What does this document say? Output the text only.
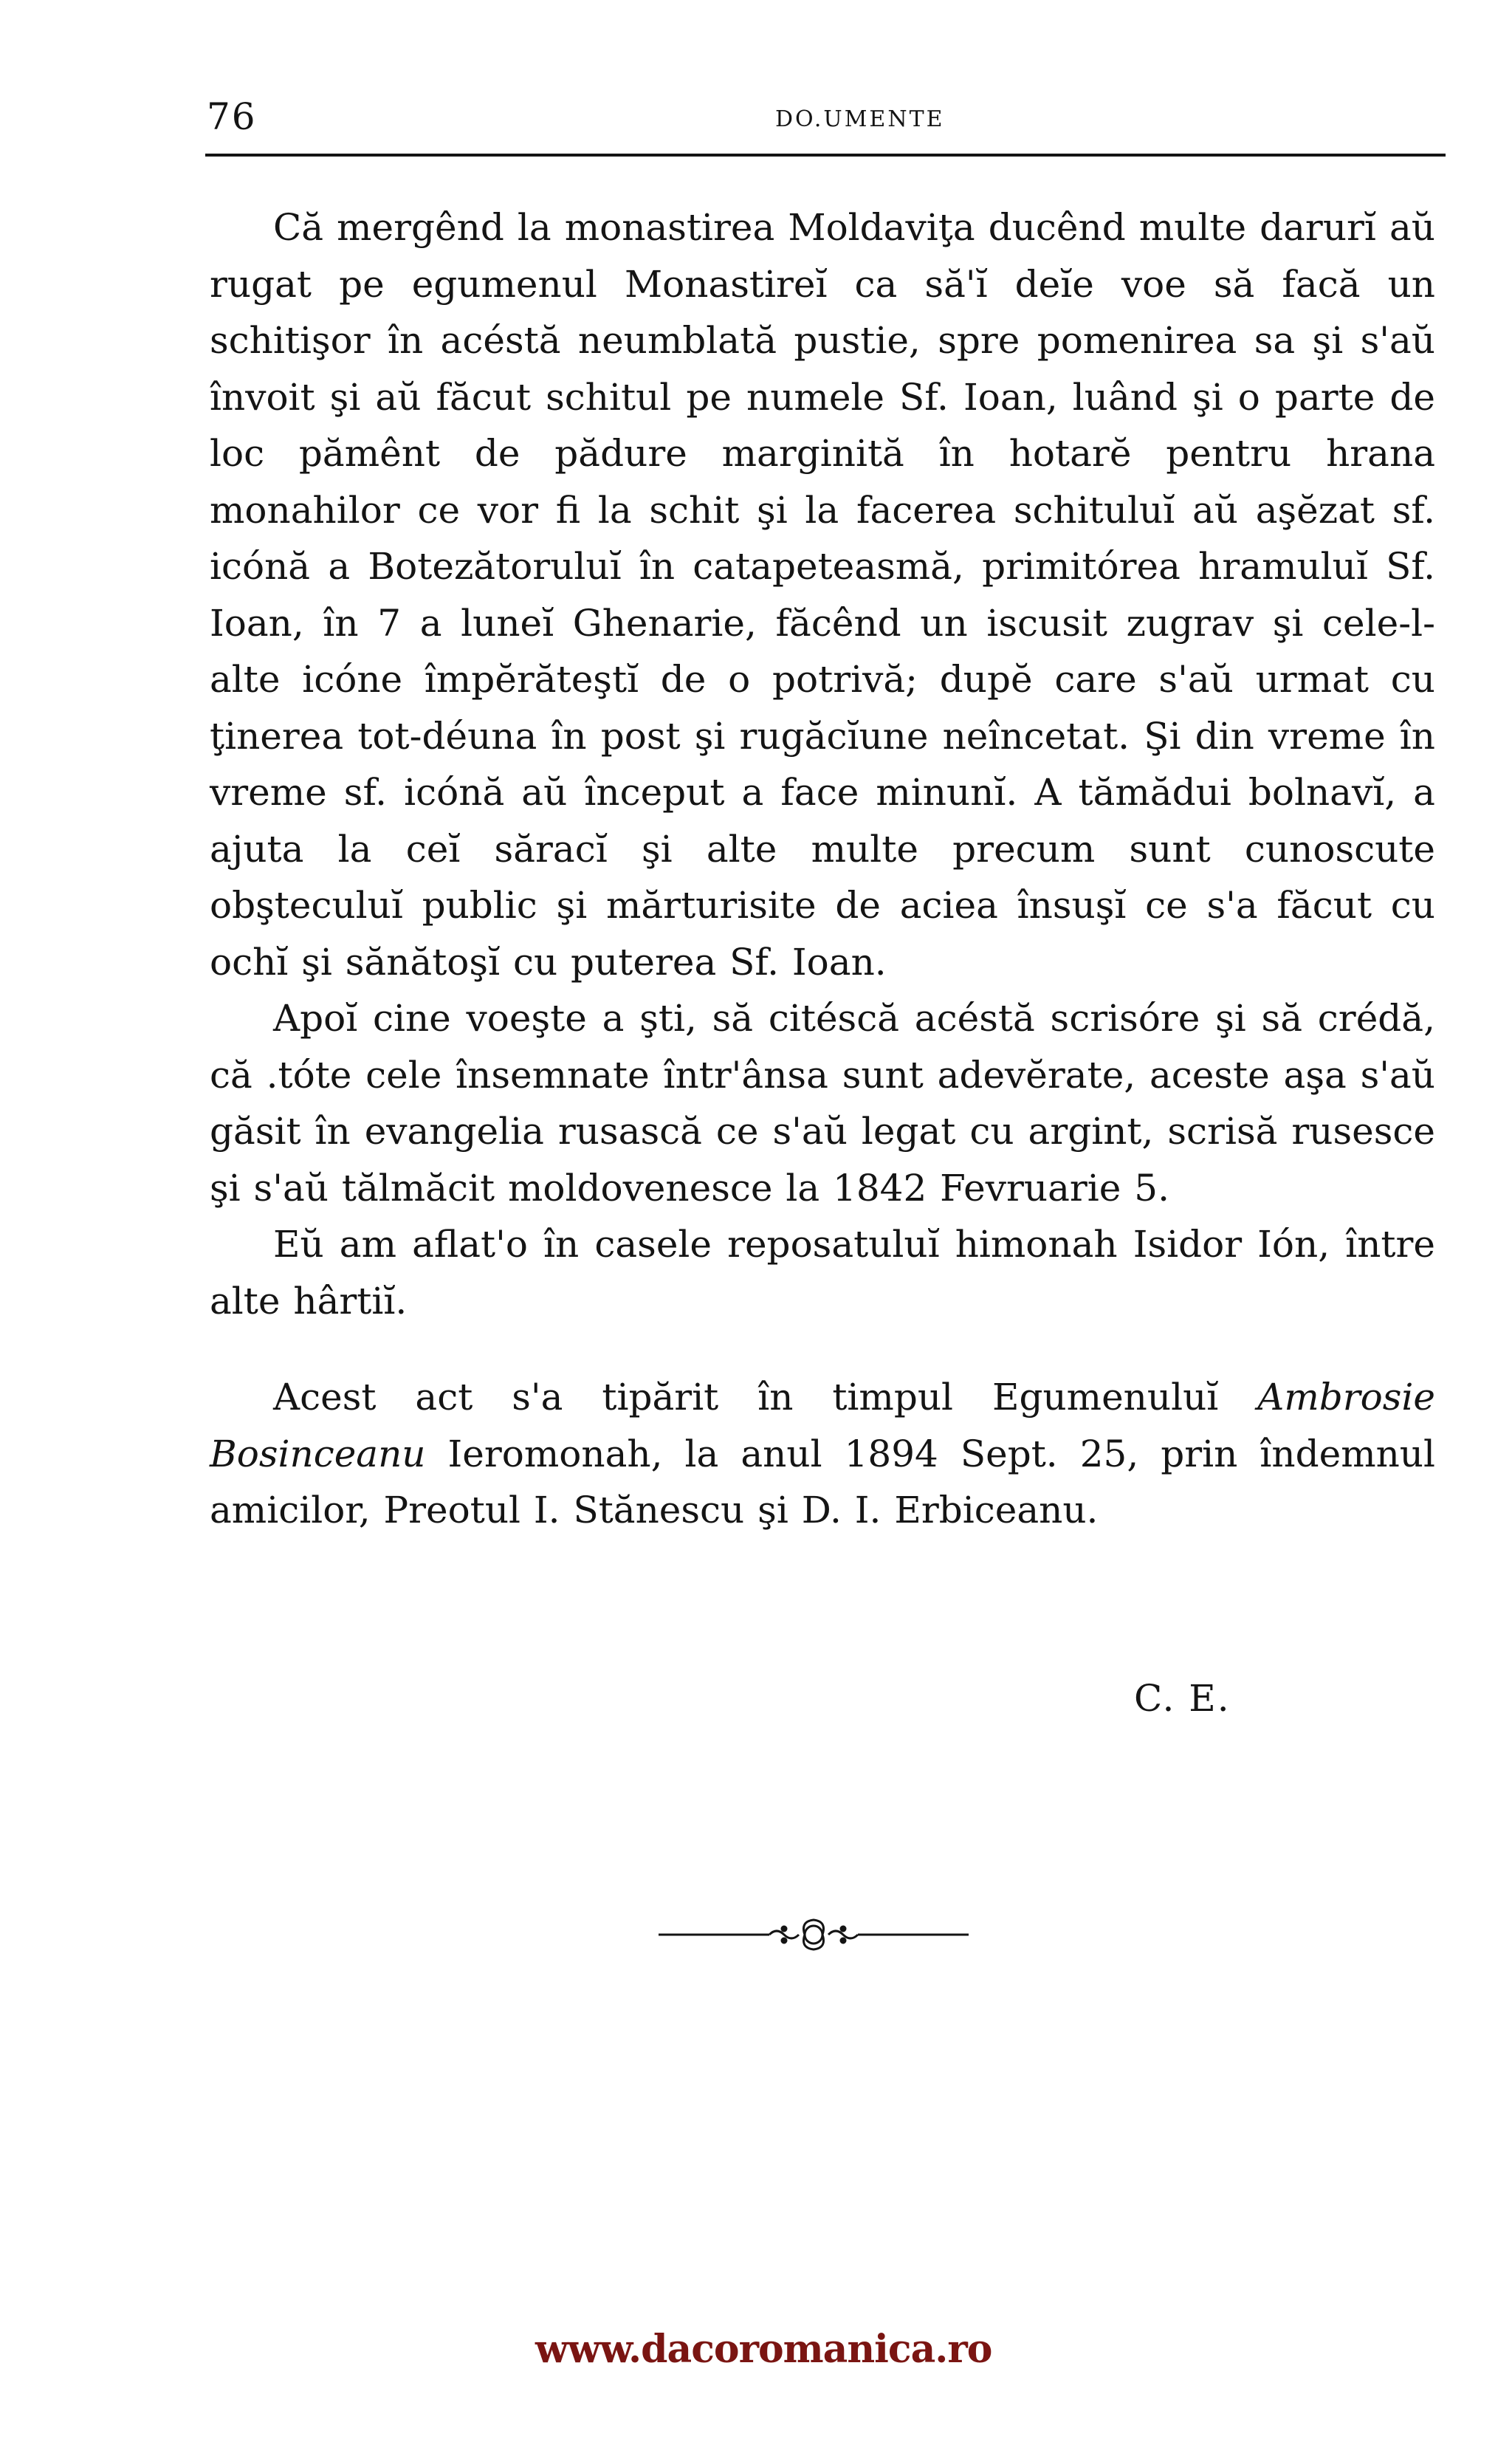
76	DO.UMENTE

Că mergênd la monastirea Moldaviţa ducênd multe darurĭ aŭ rugat pe egumenul Monastireĭ ca să'ĭ deĭe voe să facă un schitişor în acéstă neumblată pustie, spre pomenirea sa şi s'aŭ învoit şi aŭ făcut schitul pe numele Sf. Ioan, luând şi o parte de loc pămênt de pădure marginită în hotarĕ pentru hrana monahilor ce vor fi la schit şi la facerea schituluĭ aŭ aşĕzat sf. icónă a Botezătoruluĭ în catapeteasmă, primitórea hramuluĭ Sf. Ioan, în 7 a luneĭ Ghenarie, făcênd un iscusit zugrav şi cele-l-alte icóne împĕrăteştĭ de o potrivă; dupĕ care s'aŭ urmat cu ţinerea tot-déuna în post şi rugăcĭune neîncetat. Şi din vreme în vreme sf. icónă aŭ început a face minunĭ. A tămădui bolnavĭ, a ajuta la ceĭ săracĭ şi alte multe precum sunt cunoscute obşteculuĭ public şi mărturisite de aciea însuşĭ ce s'a făcut cu ochĭ şi sănătoşĭ cu puterea Sf. Ioan.

Apoĭ cine voeşte a şti, să citéscă acéstă scrisóre şi să crédă, că .tóte cele însemnate într'ânsa sunt adevĕrate, aceste aşa s'aŭ găsit în evangelia rusască ce s'aŭ legat cu argint, scrisă rusesce şi s'aŭ tălmăcit moldovenesce la 1842 Fevruarie 5.

Eŭ am aflat'o în casele reposatuluĭ himonah Isidor Ión, între alte hârtiĭ.

Acest act s'a tipărit în timpul Egumenuluĭ Ambrosie Bosinceanu Ieromonah, la anul 1894 Sept. 25, prin îndemnul amicilor, Preotul I. Stănescu şi D. I. Erbiceanu.

C. E.
www.dacoromanica.ro
